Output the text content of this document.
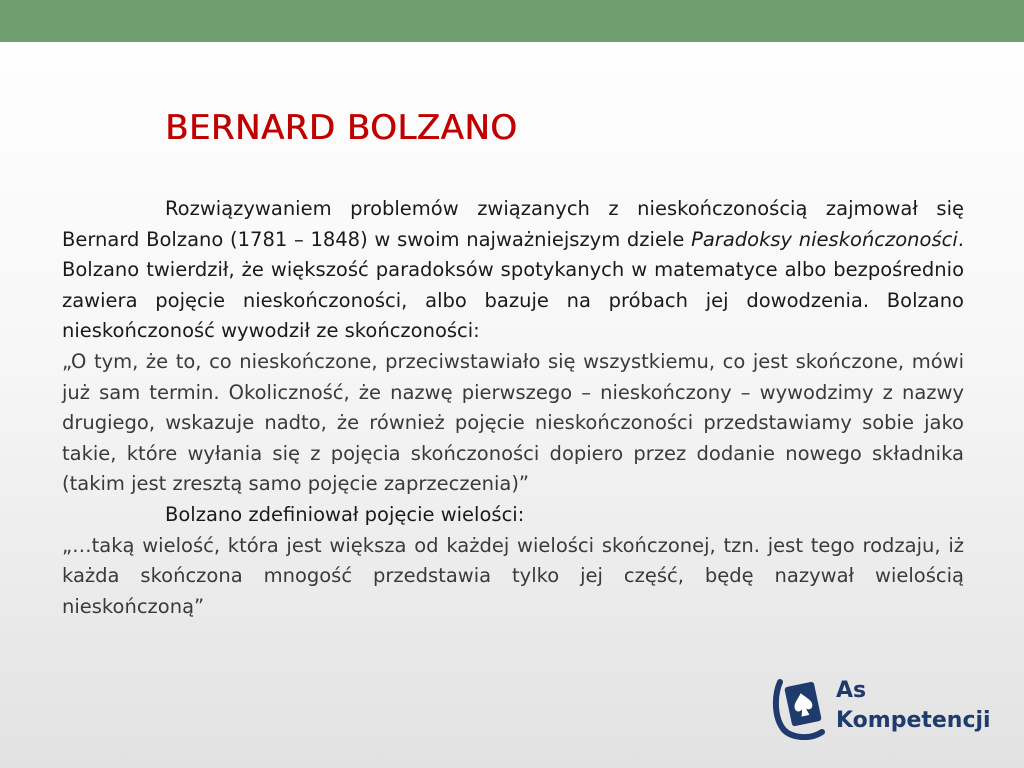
BERNARD BOLZANO

Rozwiązywaniem problemów związanych z nieskończonością zajmował się Bernard Bolzano (1781 – 1848) w swoim najważniejszym dziele Paradoksy nieskończoności. Bolzano twierdził, że większość paradoksów spotykanych w matematyce albo bezpośrednio zawiera pojęcie nieskończoności, albo bazuje na próbach jej dowodzenia. Bolzano nieskończoność wywodził ze skończoności:

„O tym, że to, co nieskończone, przeciwstawiało się wszystkiemu, co jest skończone, mówi już sam termin. Okoliczność, że nazwę pierwszego – nieskończony – wywodzimy z nazwy drugiego, wskazuje nadto, że również pojęcie nieskończoności przedstawiamy sobie jako takie, które wyłania się z pojęcia skończoności dopiero przez dodanie nowego składnika (takim jest zresztą samo pojęcie zaprzeczenia)”

Bolzano zdefiniował pojęcie wielości:

„…taką wielość, która jest większa od każdej wielości skończonej, tzn. jest tego rodzaju, iż każda skończona mnogość przedstawia tylko jej część, będę nazywał wielością nieskończoną”

As
Kompetencji
